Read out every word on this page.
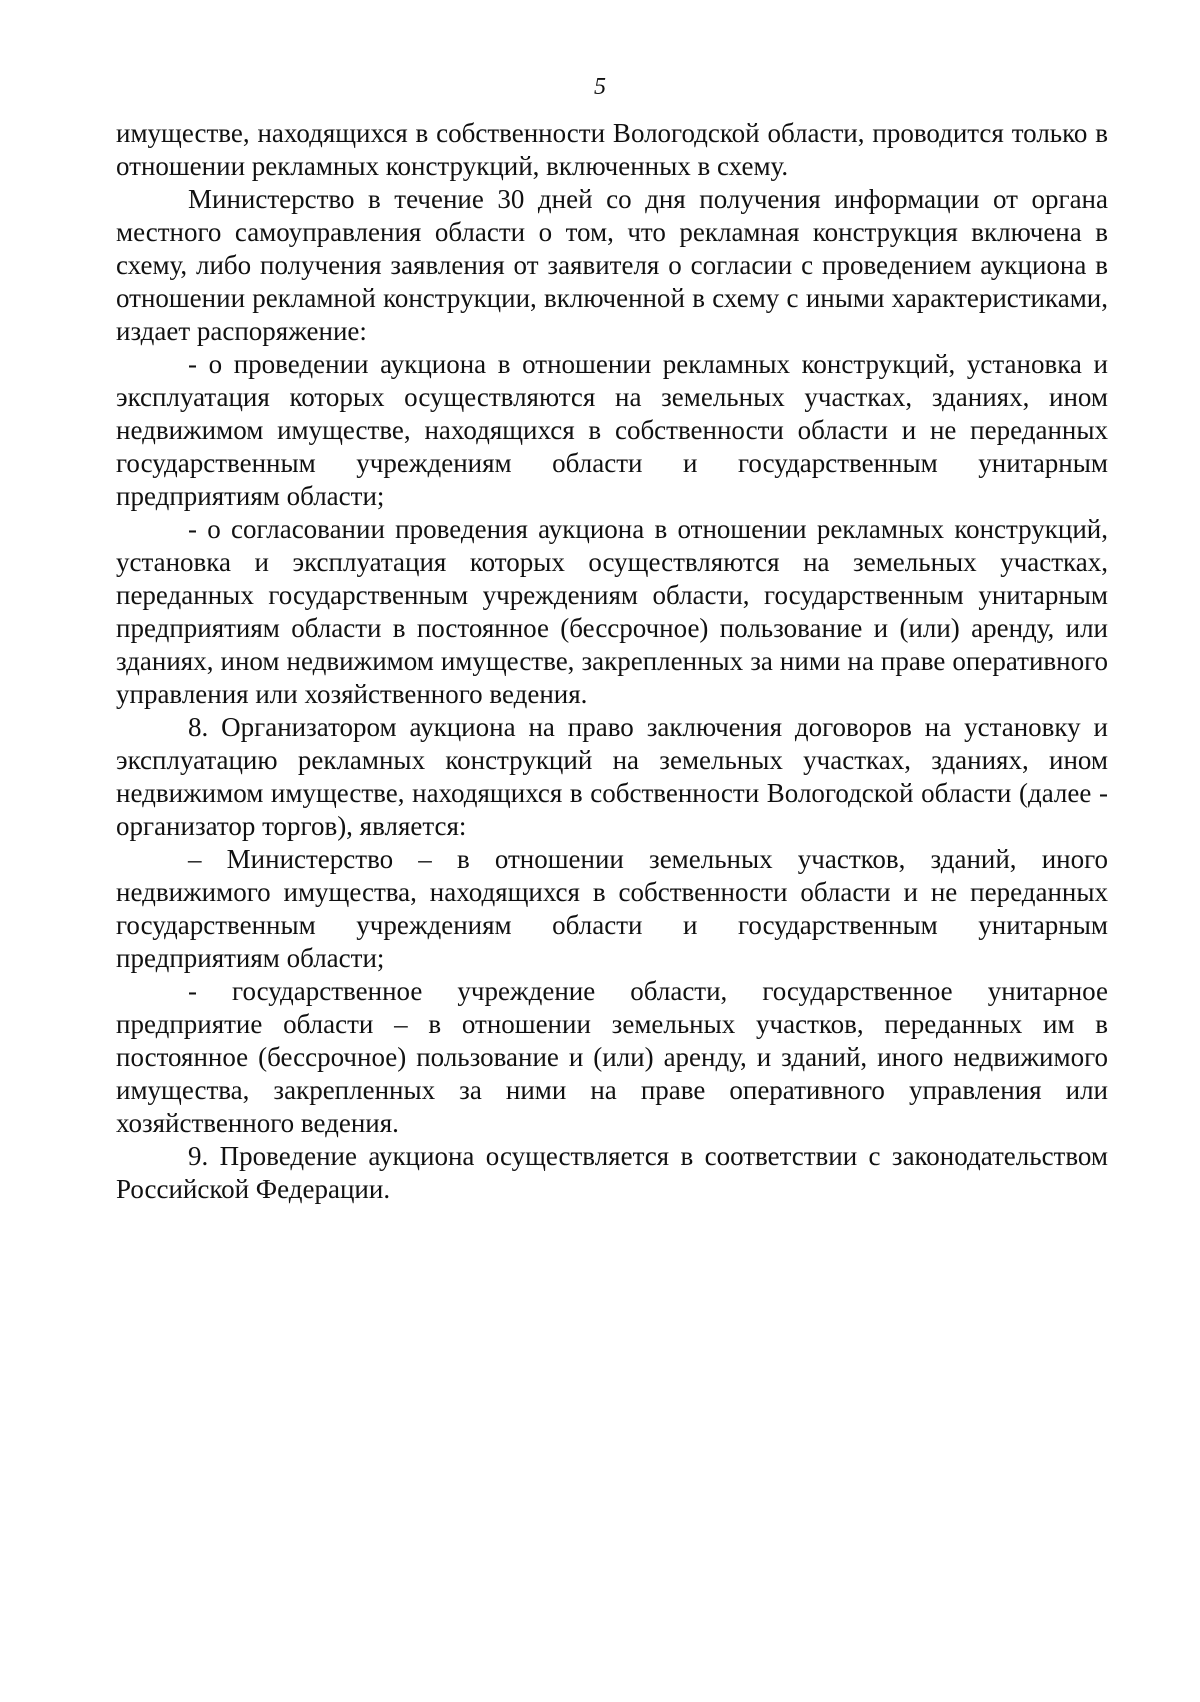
5

имуществе, находящихся в собственности Вологодской области, проводится только в отношении рекламных конструкций, включенных в схему.

Министерство в течение 30 дней со дня получения информации от органа местного самоуправления области о том, что рекламная конструкция включена в схему, либо получения заявления от заявителя о согласии с проведением аукциона в отношении рекламной конструкции, включенной в схему с иными характеристиками, издает распоряжение:

- о проведении аукциона в отношении рекламных конструкций, установка и эксплуатация которых осуществляются на земельных участках, зданиях, ином недвижимом имуществе, находящихся в собственности области и не переданных государственным учреждениям области и государственным унитарным предприятиям области;

- о согласовании проведения аукциона в отношении рекламных конструкций, установка и эксплуатация которых осуществляются на земельных участках, переданных государственным учреждениям области, государственным унитарным предприятиям области в постоянное (бессрочное) пользование и (или) аренду, или зданиях, ином недвижимом имуществе, закрепленных за ними на праве оперативного управления или хозяйственного ведения.

8. Организатором аукциона на право заключения договоров на установку и эксплуатацию рекламных конструкций на земельных участках, зданиях, ином недвижимом имуществе, находящихся в собственности Вологодской области (далее - организатор торгов), является:

– Министерство – в отношении земельных участков, зданий, иного недвижимого имущества, находящихся в собственности области и не переданных государственным учреждениям области и государственным унитарным предприятиям области;

- государственное учреждение области, государственное унитарное предприятие области – в отношении земельных участков, переданных им в постоянное (бессрочное) пользование и (или) аренду, и зданий, иного недвижимого имущества, закрепленных за ними на праве оперативного управления или хозяйственного ведения.

9. Проведение аукциона осуществляется в соответствии с законодательством Российской Федерации.
